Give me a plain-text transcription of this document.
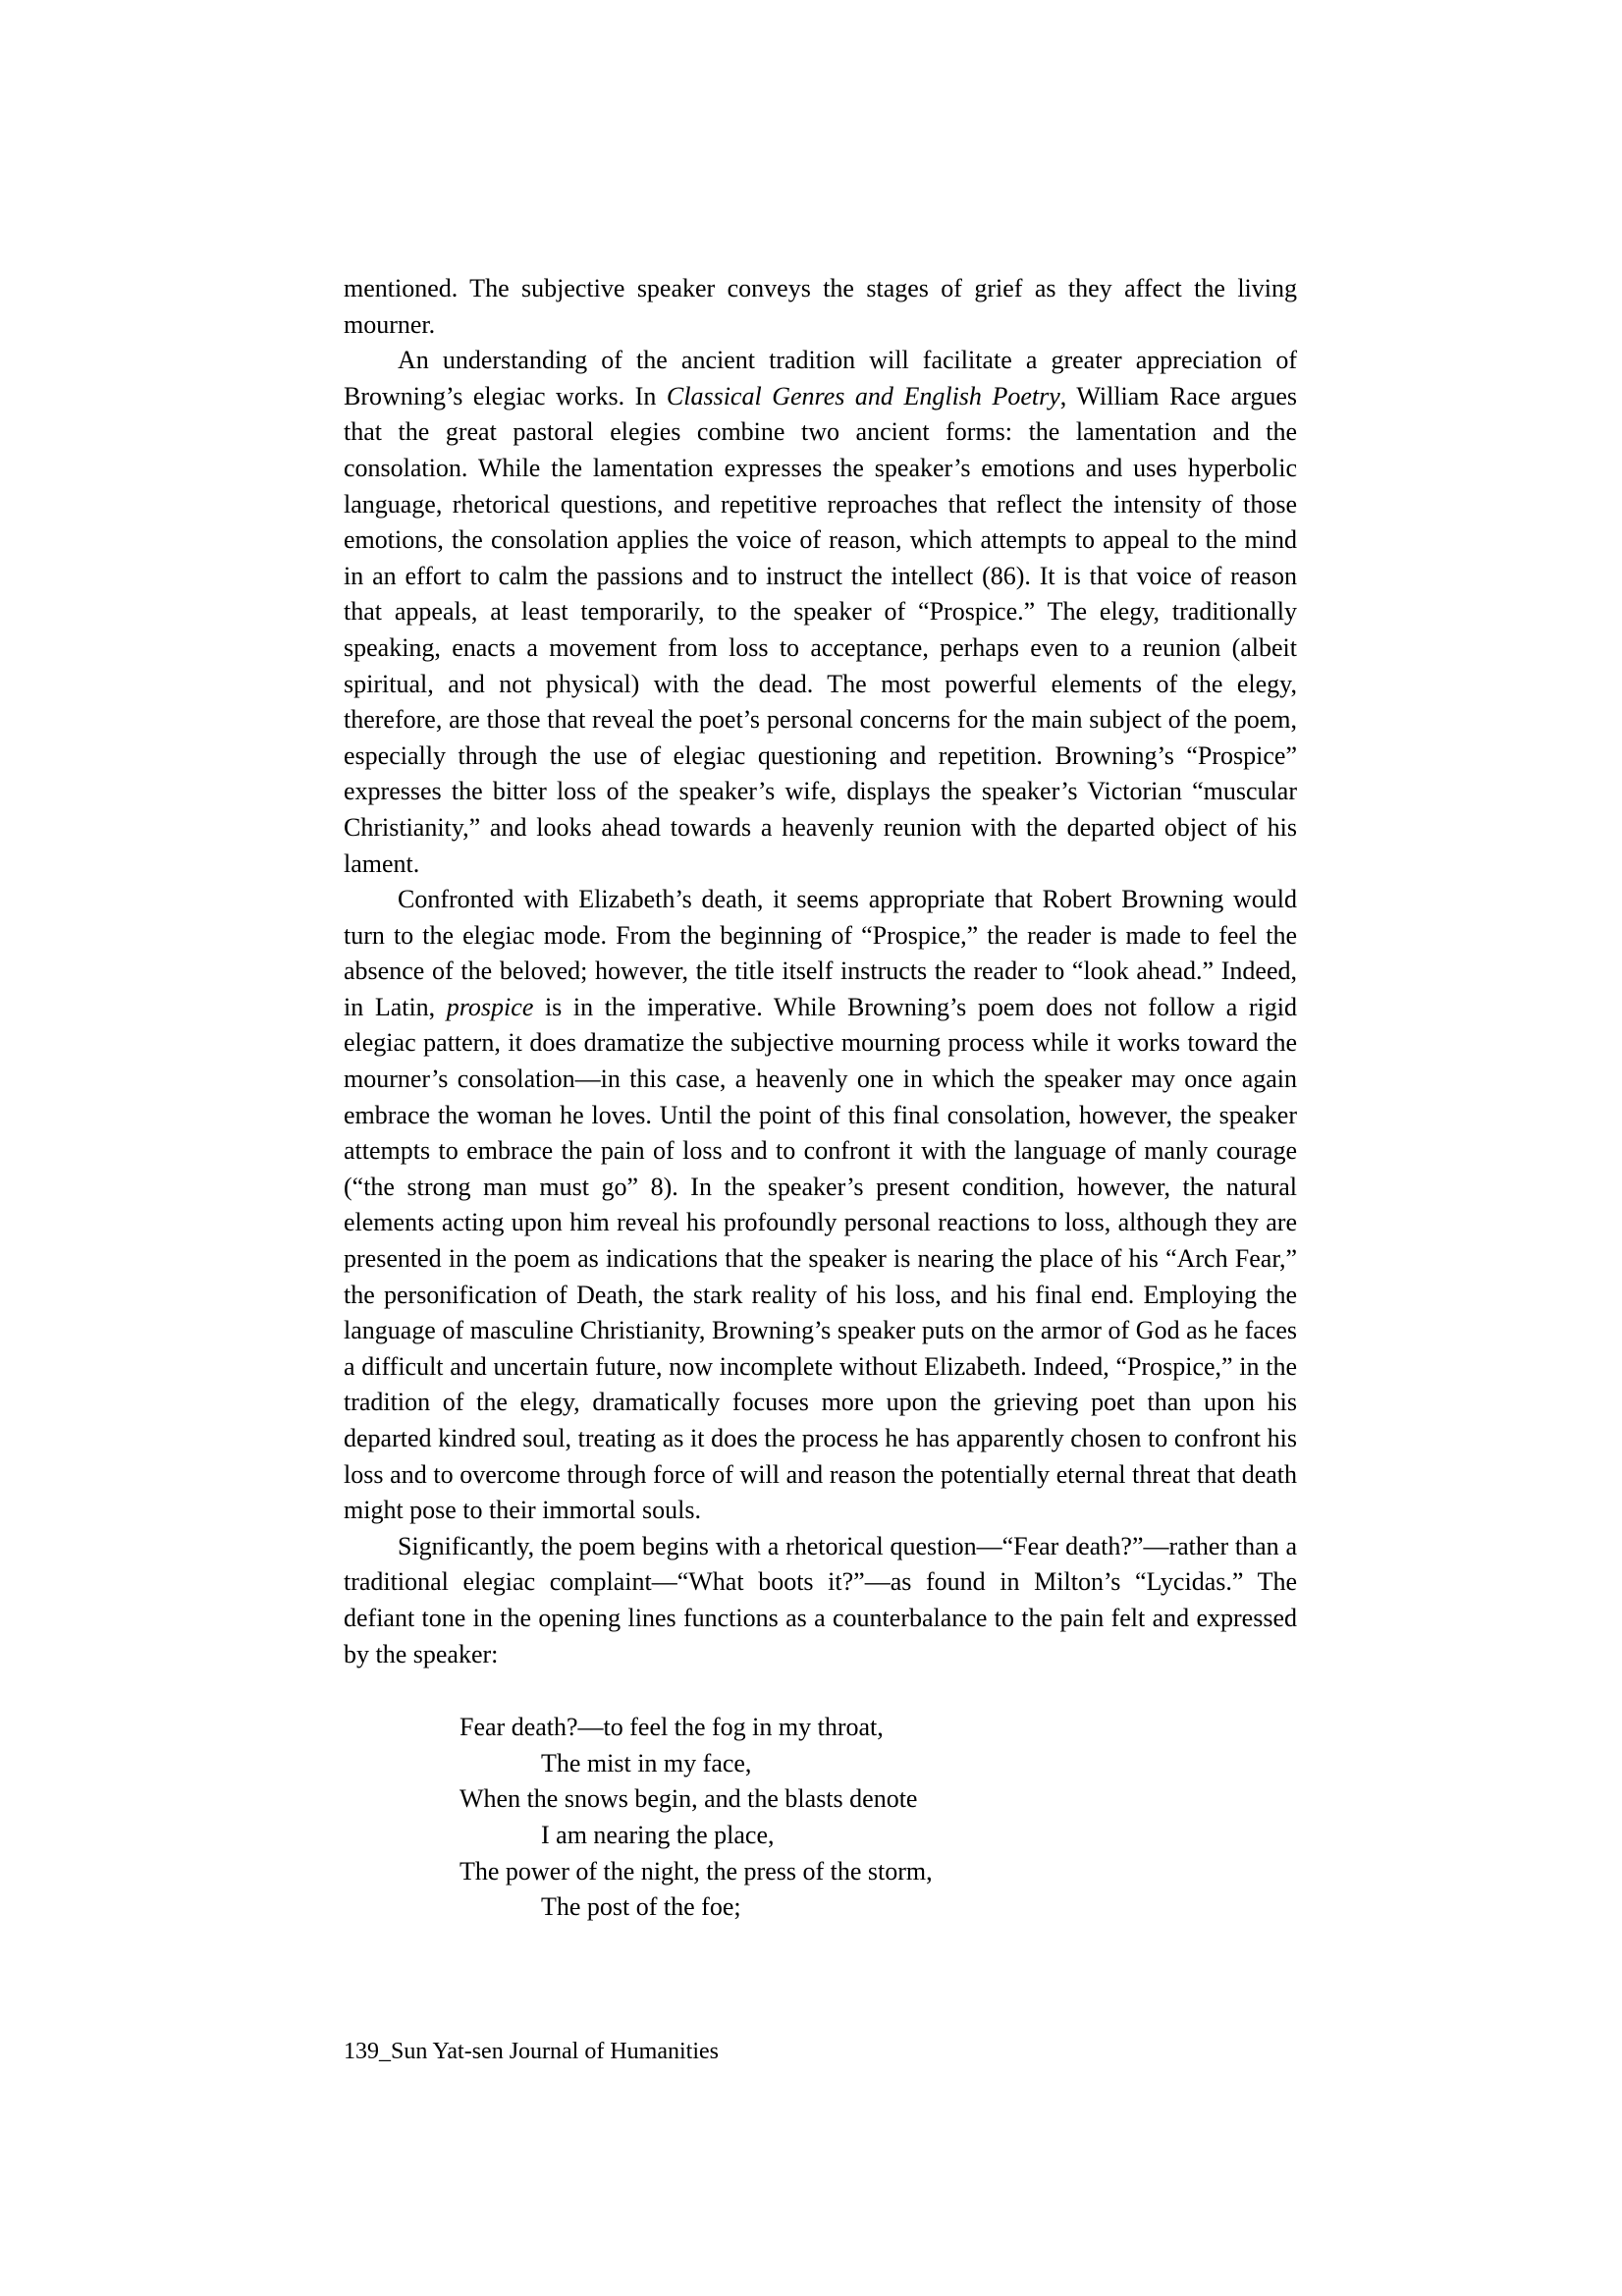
mentioned. The subjective speaker conveys the stages of grief as they affect the living mourner.

An understanding of the ancient tradition will facilitate a greater appreciation of Browning’s elegiac works. In Classical Genres and English Poetry, William Race argues that the great pastoral elegies combine two ancient forms: the lamentation and the consolation. While the lamentation expresses the speaker’s emotions and uses hyperbolic language, rhetorical questions, and repetitive reproaches that reflect the intensity of those emotions, the consolation applies the voice of reason, which attempts to appeal to the mind in an effort to calm the passions and to instruct the intellect (86). It is that voice of reason that appeals, at least temporarily, to the speaker of “Prospice.” The elegy, traditionally speaking, enacts a movement from loss to acceptance, perhaps even to a reunion (albeit spiritual, and not physical) with the dead. The most powerful elements of the elegy, therefore, are those that reveal the poet’s personal concerns for the main subject of the poem, especially through the use of elegiac questioning and repetition. Browning’s “Prospice” expresses the bitter loss of the speaker’s wife, displays the speaker’s Victorian “muscular Christianity,” and looks ahead towards a heavenly reunion with the departed object of his lament.

Confronted with Elizabeth’s death, it seems appropriate that Robert Browning would turn to the elegiac mode. From the beginning of “Prospice,” the reader is made to feel the absence of the beloved; however, the title itself instructs the reader to “look ahead.” Indeed, in Latin, prospice is in the imperative. While Browning’s poem does not follow a rigid elegiac pattern, it does dramatize the subjective mourning process while it works toward the mourner’s consolation—in this case, a heavenly one in which the speaker may once again embrace the woman he loves. Until the point of this final consolation, however, the speaker attempts to embrace the pain of loss and to confront it with the language of manly courage (“the strong man must go” 8). In the speaker’s present condition, however, the natural elements acting upon him reveal his profoundly personal reactions to loss, although they are presented in the poem as indications that the speaker is nearing the place of his “Arch Fear,” the personification of Death, the stark reality of his loss, and his final end. Employing the language of masculine Christianity, Browning’s speaker puts on the armor of God as he faces a difficult and uncertain future, now incomplete without Elizabeth. Indeed, “Prospice,” in the tradition of the elegy, dramatically focuses more upon the grieving poet than upon his departed kindred soul, treating as it does the process he has apparently chosen to confront his loss and to overcome through force of will and reason the potentially eternal threat that death might pose to their immortal souls.

Significantly, the poem begins with a rhetorical question—“Fear death?”—rather than a traditional elegiac complaint—“What boots it?”—as found in Milton’s “Lycidas.” The defiant tone in the opening lines functions as a counterbalance to the pain felt and expressed by the speaker:

Fear death?—to feel the fog in my throat,
The mist in my face,
When the snows begin, and the blasts denote
I am nearing the place,
The power of the night, the press of the storm,
The post of the foe;
139_Sun Yat-sen Journal of Humanities
